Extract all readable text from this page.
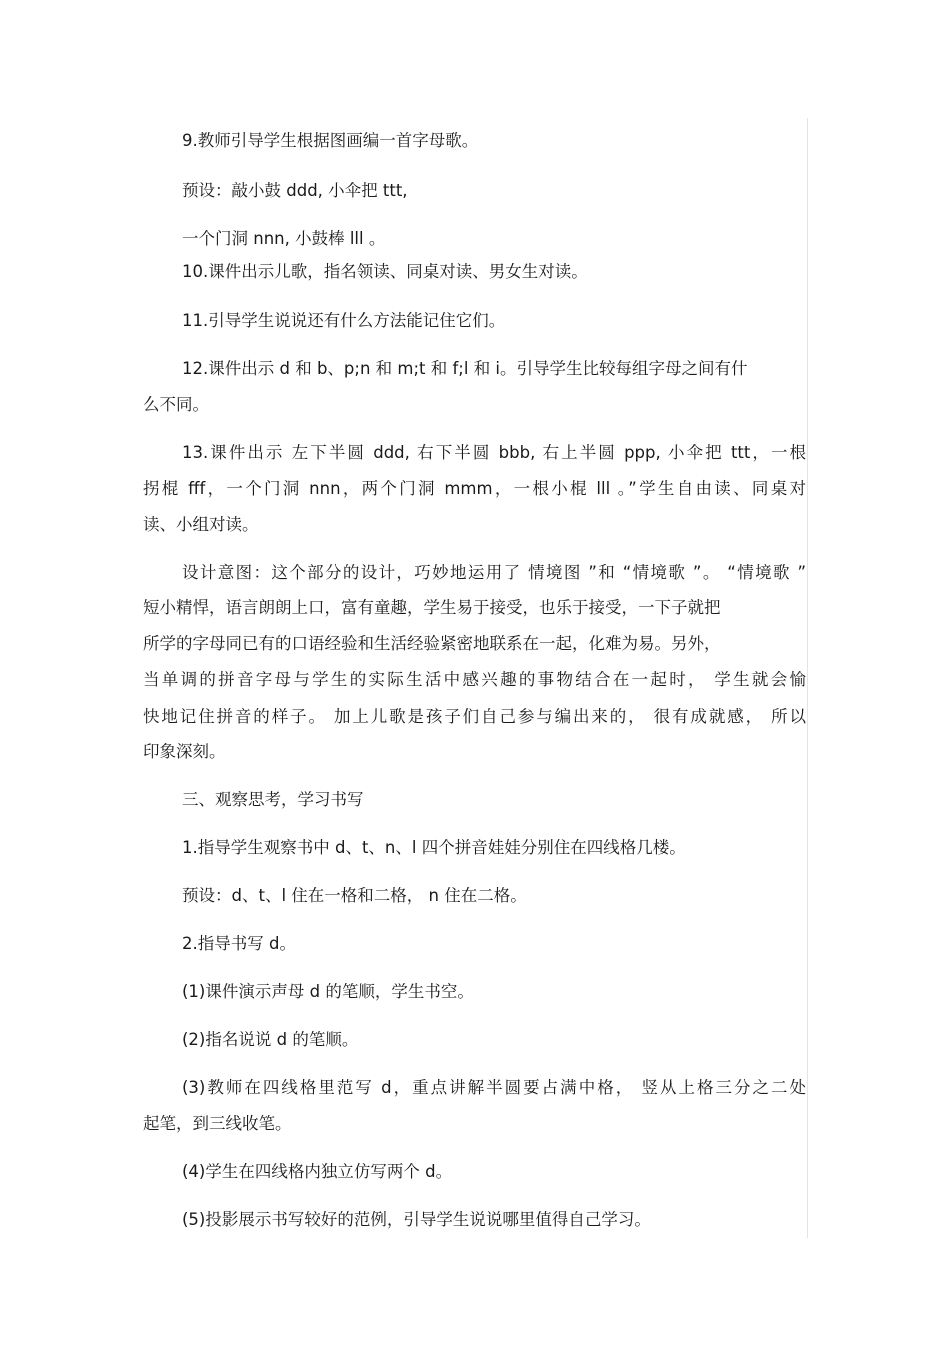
9.教师引导学生根据图画编一首字母歌。

预设：敲小鼓 ddd, 小伞把 ttt,

一个门洞 nnn, 小鼓棒 lll 。

10.课件出示儿歌，指名领读、同桌对读、男女生对读。

11.引导学生说说还有什么方法能记住它们。

12.课件出示 d 和 b、p;n 和 m;t 和 f;l 和 i。引导学生比较每组字母之间有什

么不同。

13.课件出示 左下半圆 ddd, 右下半圆 bbb, 右上半圆 ppp, 小伞把 ttt，一根

拐棍 fff，一个门洞 nnn，两个门洞 mmm，一根小棍 lll 。”学生自由读、同桌对

读、小组对读。

设计意图：这个部分的设计，巧妙地运用了 情境图 ”和 “情境歌 ”。 “情境歌 ”

短小精悍，语言朗朗上口，富有童趣，学生易于接受，也乐于接受，一下子就把

所学的字母同已有的口语经验和生活经验紧密地联系在一起，化难为易。另外，

当单调的拼音字母与学生的实际生活中感兴趣的事物结合在一起时， 学生就会愉

快地记住拼音的样子。 加上儿歌是孩子们自己参与编出来的， 很有成就感， 所以

印象深刻。

三、观察思考，学习书写

1.指导学生观察书中 d、t、n、l 四个拼音娃娃分别住在四线格几楼。

预设：d、t、l 住在一格和二格， n 住在二格。

2.指导书写 d。

(1)课件演示声母 d 的笔顺，学生书空。

(2)指名说说 d 的笔顺。

(3)教师在四线格里范写 d，重点讲解半圆要占满中格， 竖从上格三分之二处

起笔，到三线收笔。

(4)学生在四线格内独立仿写两个 d。

(5)投影展示书写较好的范例，引导学生说说哪里值得自己学习。
